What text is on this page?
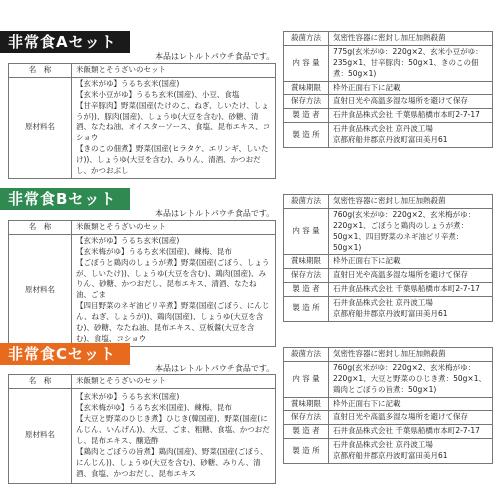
非常食Aセット
本品はレトルトパウチ食品です。
名　称	米飯類とそうざいのセット
原材料名	【玄米がゆ】うるち玄米(国産)
【玄米小豆がゆ】うるち玄米(国産)、小豆、食塩
【甘辛豚肉】野菜(国産(たけのこ、ねぎ、しいたけ、しょうが))、豚肉(国産)、しょうゆ(大豆を含む)、砂糖、清酒、なたね油、オイスターソース、食塩、昆布エキス、コショウ
【きのこの佃煮】野菜(国産(ヒラタケ、エリンギ、しいたけ))、しょうゆ(大豆を含む)、みりん、清酒、かつおだし、かつおぶし
殺菌方法	気密性容器に密封し加圧加熱殺菌
内 容 量	775g(玄米がゆ：220g×2、玄米小豆がゆ：235g×1、甘辛豚肉：50g×1、きのこの佃煮：50g×1)
賞味期限	枠外正面右下に記載
保存方法	直射日光や高温多湿な場所を避けて保存
製 造 者	石井食品株式会社 千葉県船橋市本町2-7-17
製 造 所	石井食品株式会社 京丹波工場
京都府船井郡京丹波町富田美月61
非常食Bセット
本品はレトルトパウチ食品です。
名　称	米飯類とそうざいのセット
原材料名	【玄米がゆ】うるち玄米(国産)
【玄米梅がゆ】うるち玄米(国産)、練梅、昆布
【ごぼうと鶏肉のしょうが煮】野菜(国産(ごぼう、しょうが、しいたけ))、しょうゆ(大豆を含む)、鶏肉(国産)、みりん、砂糖、かつおだし、昆布エキス、清酒、なたね油、ごま
【四目野菜のネギ油ピリ辛煮】野菜(国産(ごぼう、にんじん、ねぎ、しょうが))、鶏肉(国産)、しょうゆ(大豆を含む)、砂糖、なたね油、昆布エキス、豆板醤(大豆を含む)、食塩、コショウ
殺菌方法	気密性容器に密封し加圧加熱殺菌
内 容 量	760g(玄米がゆ：220g×2、玄米梅がゆ：220g×1、ごぼうと鶏肉のしょうが煮：50g×1、四目野菜のネギ油ピリ辛煮：50g×1)
賞味期限	枠外正面右下に記載
保存方法	直射日光や高温多湿な場所を避けて保存
製 造 者	石井食品株式会社 千葉県船橋市本町2-7-17
製 造 所	石井食品株式会社 京丹波工場
京都府船井郡京丹波町富田美月61
非常食Cセット
本品はレトルトパウチ食品です。
名　称	米飯類とそうざいのセット
原材料名	【玄米がゆ】うるち玄米(国産)
【玄米梅がゆ】うるち玄米(国産)、練梅、昆布
【大豆と野菜のひじき煮】ひじき(韓国産)、野菜(国産(にんじん、いんげん))、大豆、ごま、粗糖、食塩、かつおだし、昆布エキス、醸造酢
【鶏肉とごぼうの旨煮】鶏肉(国産)、野菜(国産(ごぼう、にんじん))、しょうゆ(大豆を含む)、砂糖、みりん、清酒、食塩、かつおだし、昆布エキス
殺菌方法	気密性容器に密封し加圧加熱殺菌
内 容 量	760g(玄米がゆ：220g×2、玄米梅がゆ：220g×1、大豆と野菜のひじき煮：50g×1、鶏肉とごぼうの旨煮：50g×1)
賞味期限	枠外正面右下に記載
保存方法	直射日光や高温多湿な場所を避けて保存
製 造 者	石井食品株式会社 千葉県船橋市本町2-7-17
製 造 所	石井食品株式会社 京丹波工場
京都府船井郡京丹波町富田美月61
